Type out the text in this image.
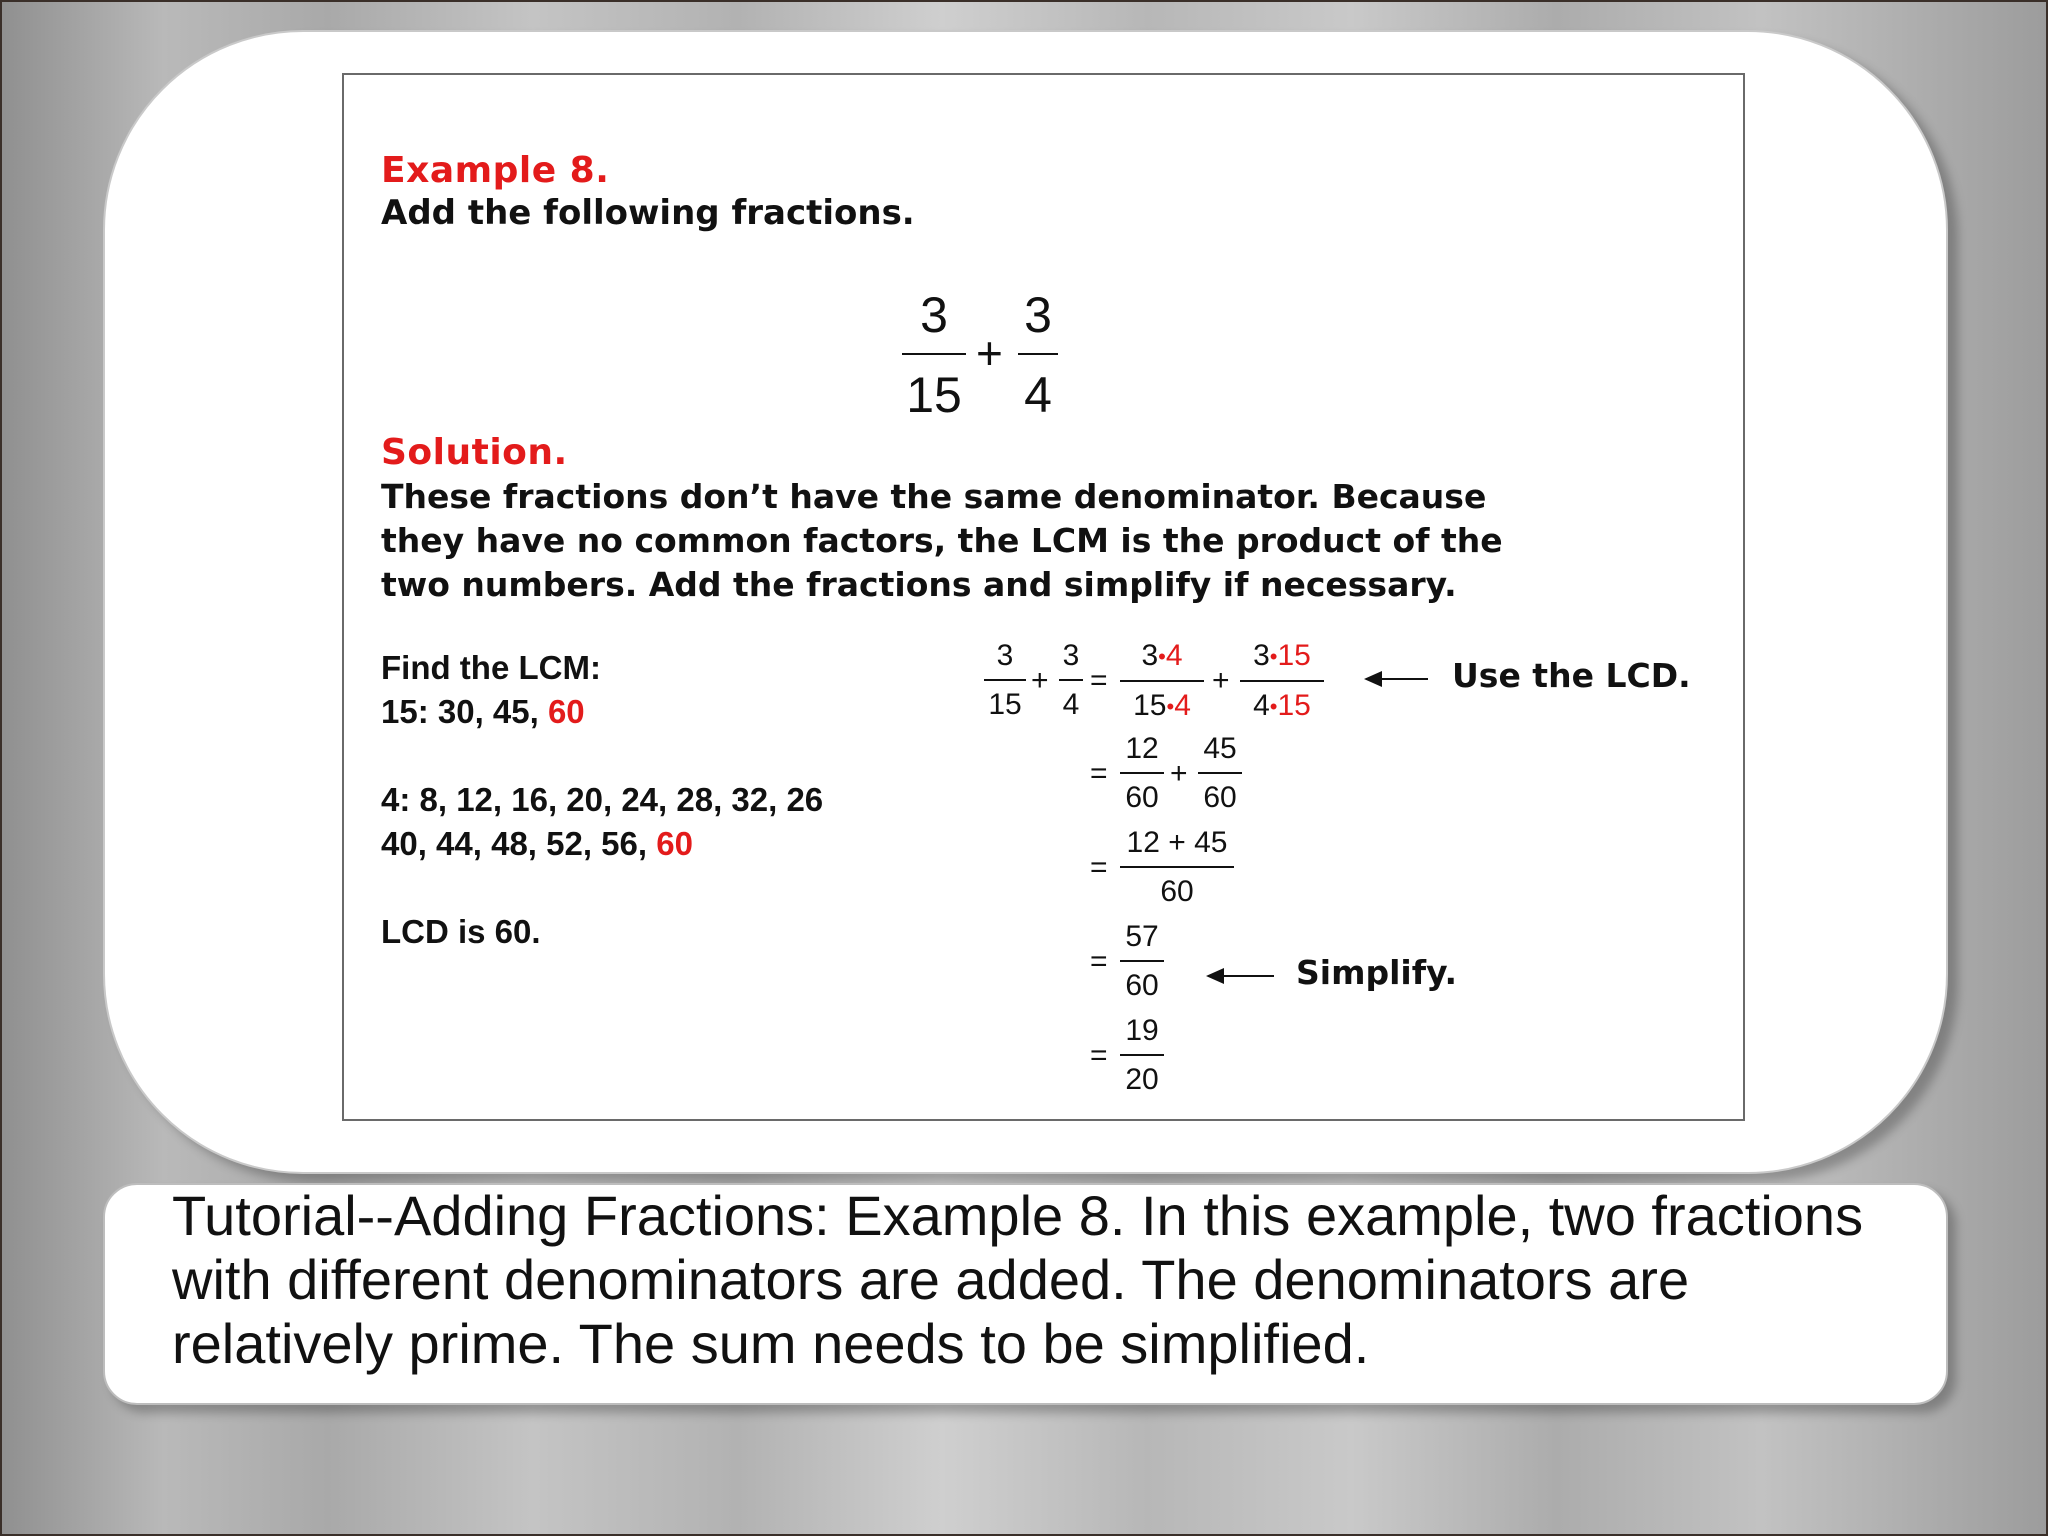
Example 8.
Add the following fractions.
3
15
+
3
4
Solution.
These fractions don’t have the same denominator. Because
they have no common factors, the LCM is the product of the
two numbers. Add the fractions and simplify if necessary.
Find the LCM:
15: 30, 45, 60
4: 8, 12, 16, 20, 24, 28, 32, 26
40, 44, 48, 52, 56, 60
LCD is 60.
3
15
+
3
4
=
3•4
15•4
+
3•15
4•15
Use the LCD.
=
12
60
+
45
60
=
12 + 45
60
=
57
60	Simplify.
=
19
20
Tutorial--Adding Fractions: Example 8. In this example, two fractions with different denominators are added. The denominators are relatively prime. The sum needs to be simplified.
